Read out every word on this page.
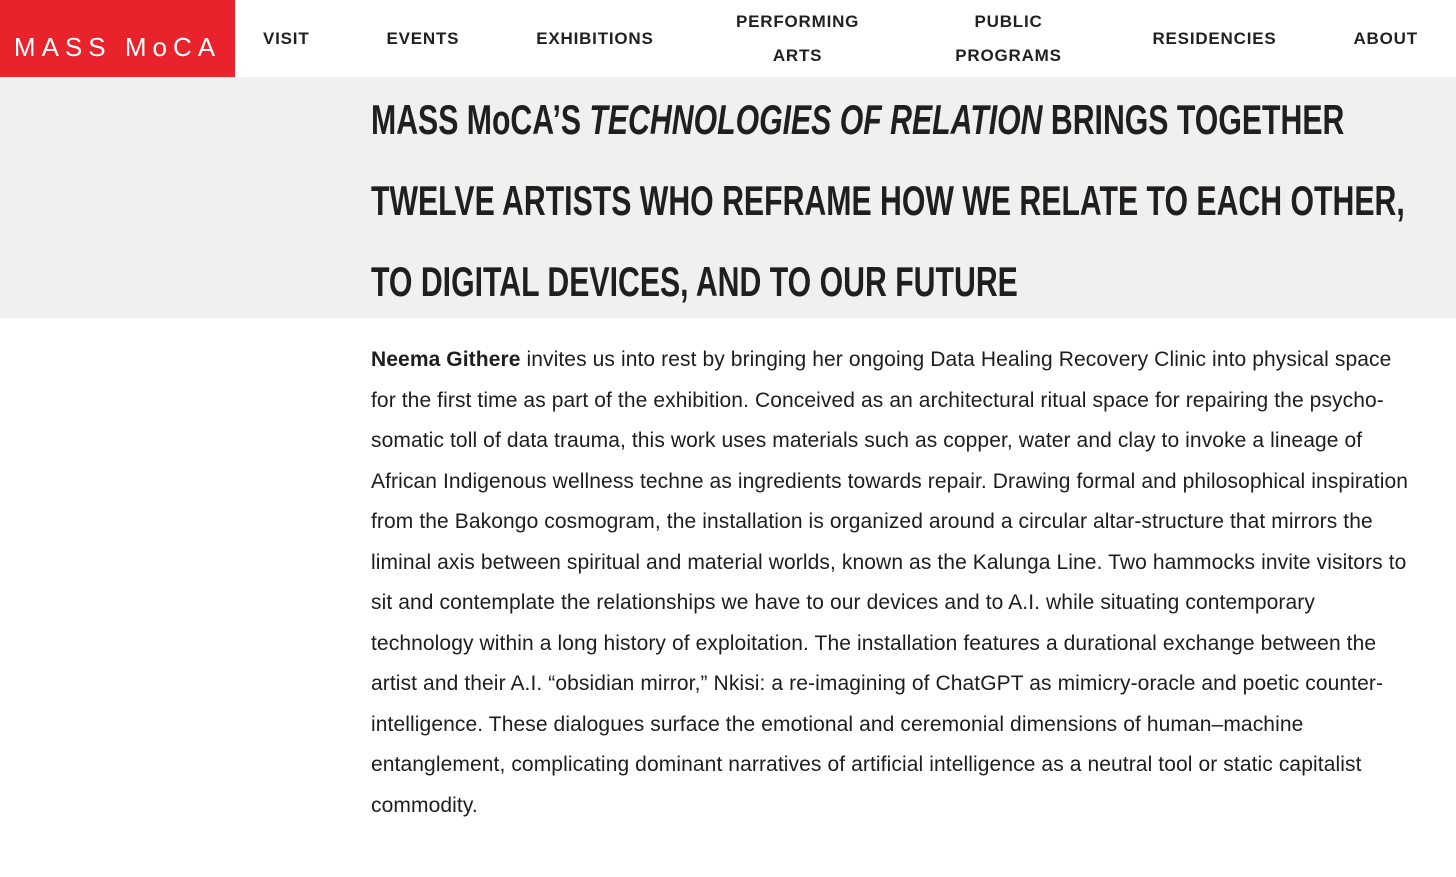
MASS MoCA	VISIT	EVENTS	EXHIBITIONS
PERFORMING ARTS
PUBLIC PROGRAMS
RESIDENCIES	ABOUT
MASS MoCA’S TECHNOLOGIES OF RELATION BRINGS TOGETHER
TWELVE ARTISTS WHO REFRAME HOW WE RELATE TO EACH OTHER,
TO DIGITAL DEVICES, AND TO OUR FUTURE

Neema Githere invites us into rest by bringing her ongoing Data Healing Recovery Clinic into physical space for the first time as part of the exhibition. Conceived as an architectural ritual space for repairing the psycho-somatic toll of data trauma, this work uses materials such as copper, water and clay to invoke a lineage of African Indigenous wellness techne as ingredients towards repair. Drawing formal and philosophical inspiration from the Bakongo cosmogram, the installation is organized around a circular altar-structure that mirrors the liminal axis between spiritual and material worlds, known as the Kalunga Line. Two hammocks invite visitors to sit and contemplate the relationships we have to our devices and to A.I. while situating contemporary technology within a long history of exploitation. The installation features a durational exchange between the artist and their A.I. “obsidian mirror,” Nkisi: a re-imagining of ChatGPT as mimicry-oracle and poetic counter-intelligence. These dialogues surface the emotional and ceremonial dimensions of human–machine entanglement, complicating dominant narratives of artificial intelligence as a neutral tool or static capitalist commodity.
